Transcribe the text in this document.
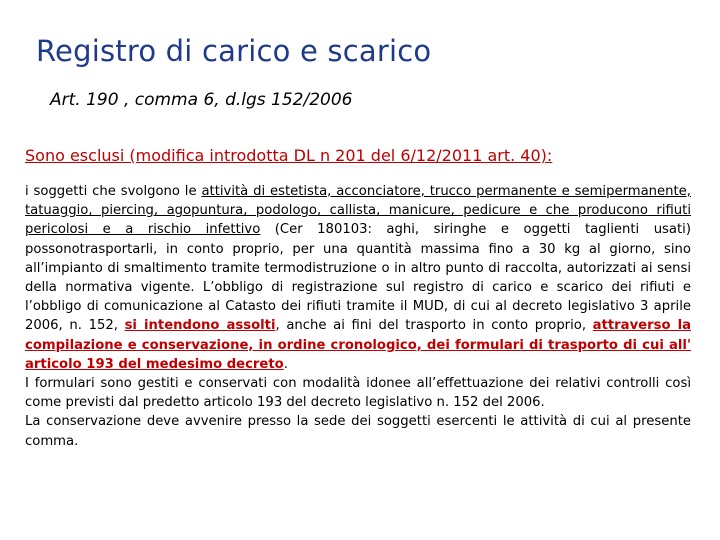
Registro di carico e scarico
Art. 190 , comma 6, d.lgs 152/2006
Sono esclusi (modifica introdotta DL n 201 del 6/12/2011 art. 40):

i soggetti che svolgono le attività di estetista, acconciatore, trucco permanente e semipermanente, tatuaggio, piercing, agopuntura, podologo, callista, manicure, pedicure e che producono rifiuti pericolosi e a rischio infettivo (Cer 180103: aghi, siringhe e oggetti taglienti usati) possonotrasportarli, in conto proprio, per una quantità massima fino a 30 kg al giorno, sino all’impianto di smaltimento tramite termodistruzione o in altro punto di raccolta, autorizzati ai sensi della normativa vigente. L’obbligo di registrazione sul registro di carico e scarico dei rifiuti e l’obbligo di comunicazione al Catasto dei rifiuti tramite il MUD, di cui al decreto legislativo 3 aprile 2006, n. 152, si intendono assolti, anche ai fini del trasporto in conto proprio, attraverso la compilazione e conservazione, in ordine cronologico, dei formulari di trasporto di cui all' articolo 193 del medesimo decreto.

I formulari sono gestiti e conservati con modalità idonee all’effettuazione dei relativi controlli così come previsti dal predetto articolo 193 del decreto legislativo n. 152 del 2006.

La conservazione deve avvenire presso la sede dei soggetti esercenti le attività di cui al presente comma.
